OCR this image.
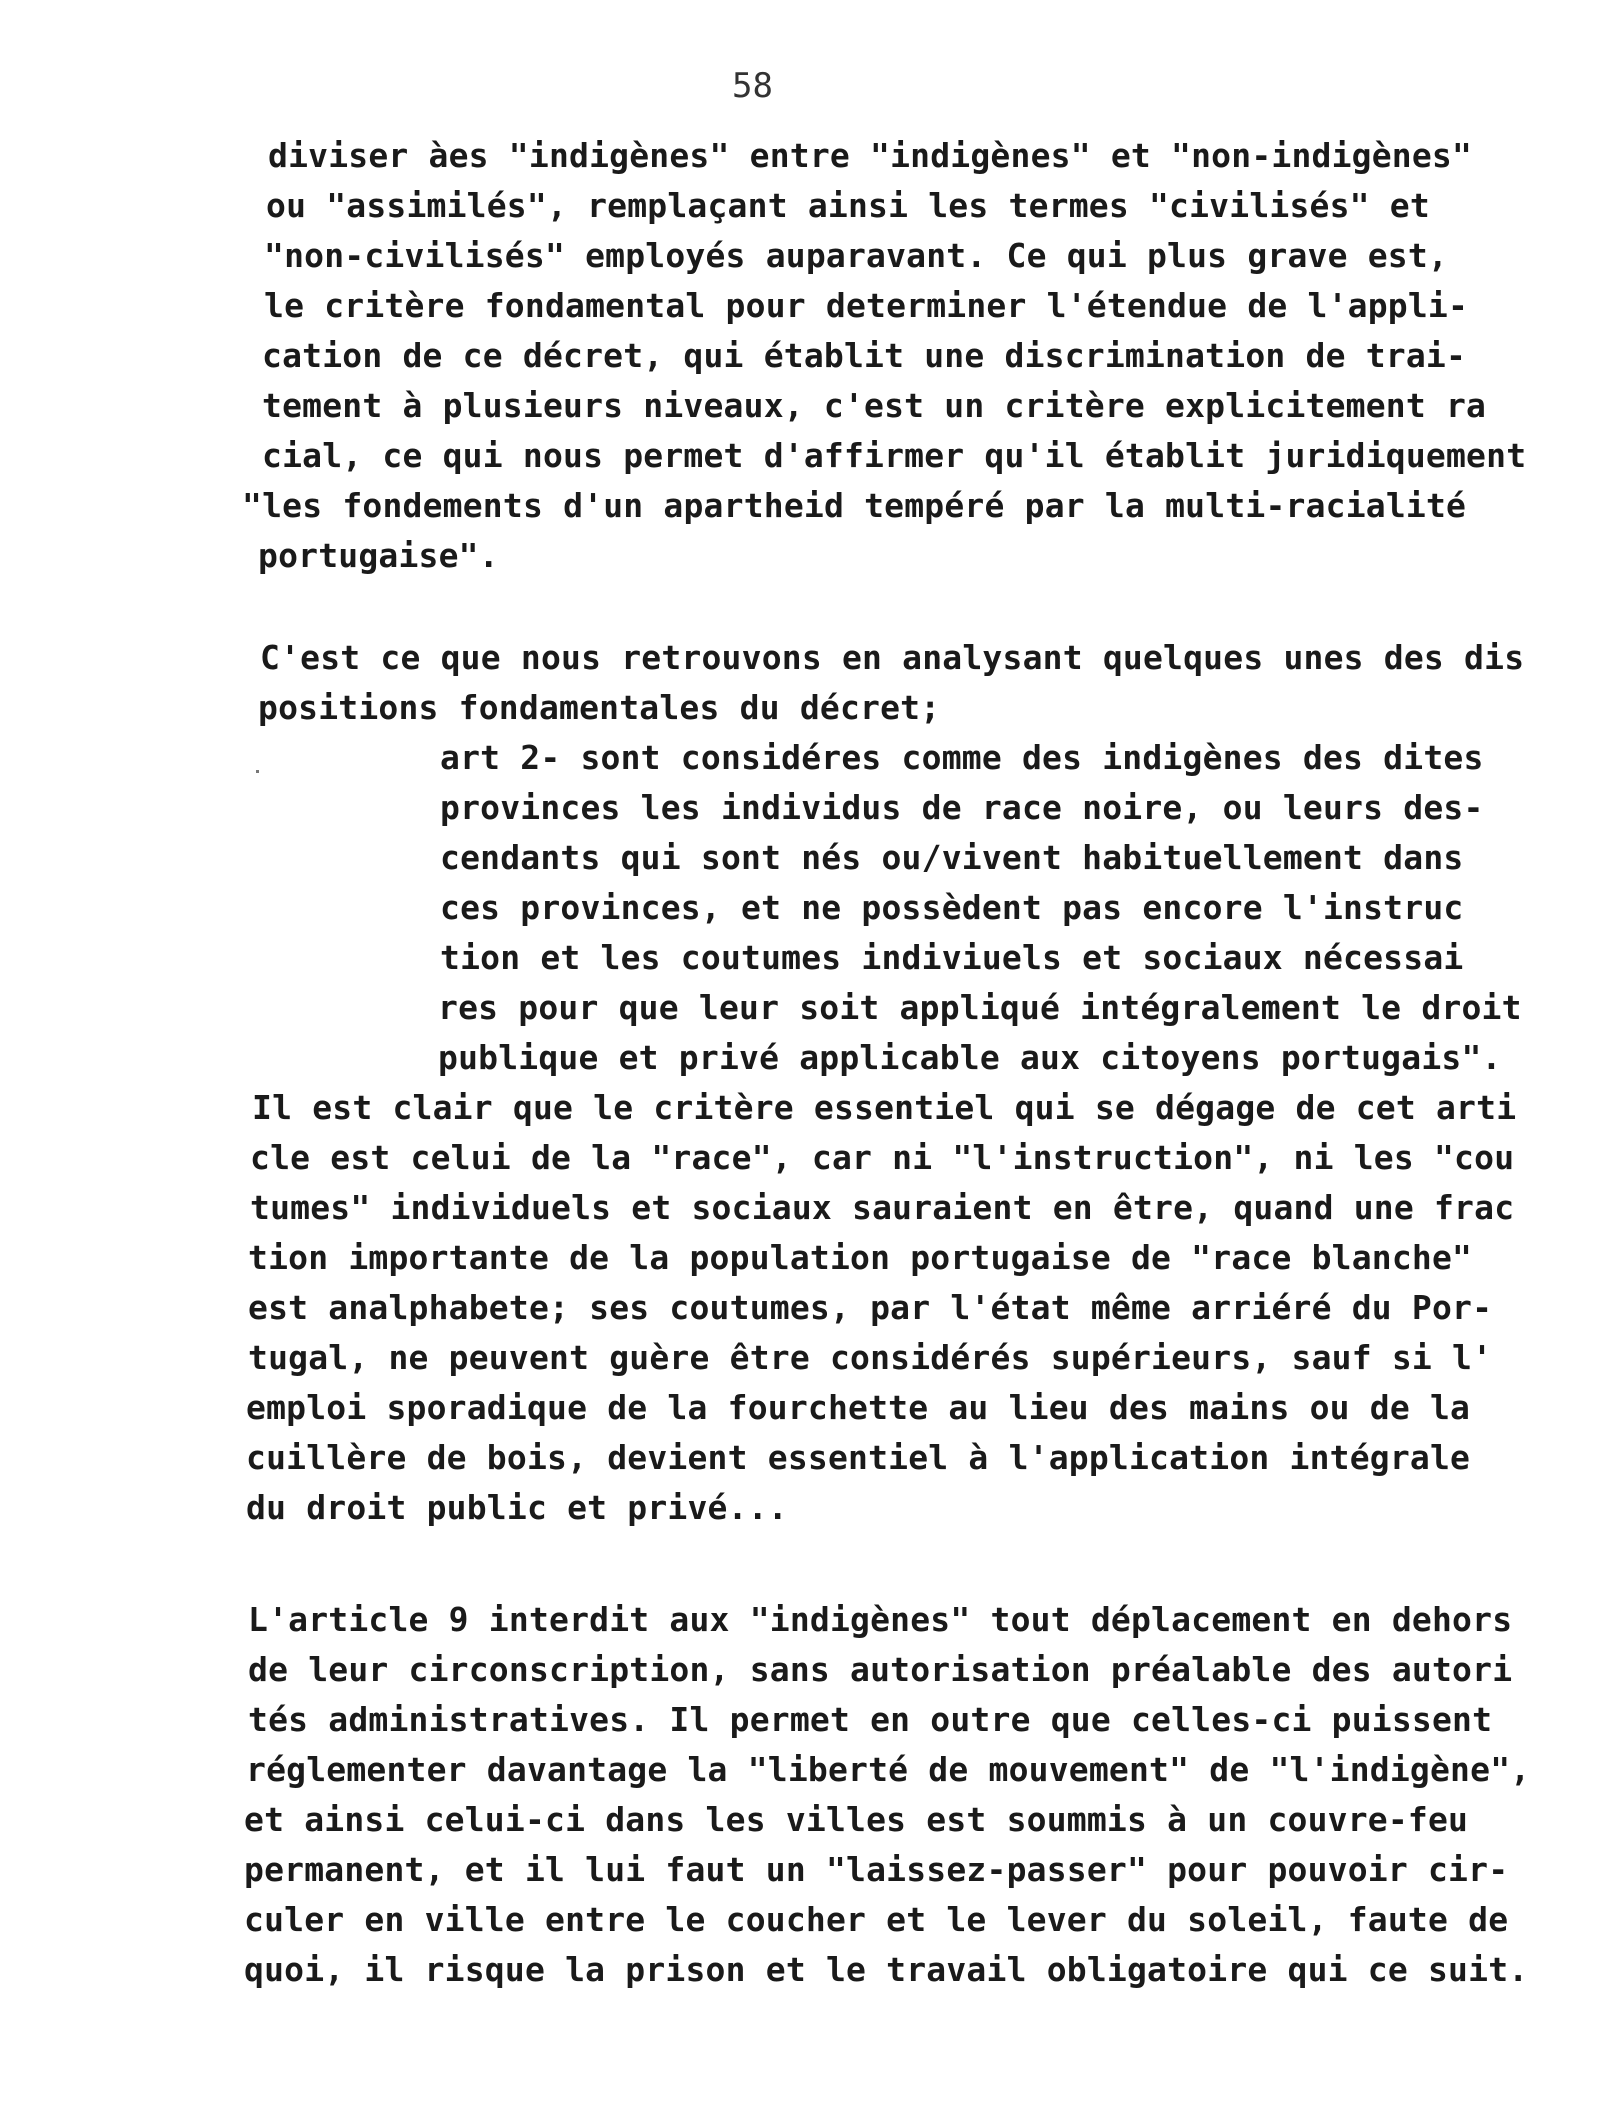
58
diviser àes "indigènes" entre "indigènes" et "non-indigènes"
ou "assimilés", remplaçant ainsi les termes "civilisés" et
"non-civilisés" employés auparavant. Ce qui plus grave est,
le critère fondamental pour determiner l'étendue de l'appli-
cation de ce décret, qui établit une discrimination de trai-
tement à plusieurs niveaux, c'est un critère explicitement ra
cial, ce qui nous permet d'affirmer qu'il établit juridiquement
"les fondements d'un apartheid tempéré par la multi-racialité
portugaise".
C'est ce que nous retrouvons en analysant quelques unes des dis
positions fondamentales du décret;
art 2- sont considéres comme des indigènes des dites
provinces les individus de race noire, ou leurs des-
cendants qui sont nés ou/vivent habituellement dans
ces provinces, et ne possèdent pas encore l'instruc
tion et les coutumes indiviuels et sociaux nécessai
res pour que leur soit appliqué intégralement le droit
publique et privé applicable aux citoyens portugais".
Il est clair que le critère essentiel qui se dégage de cet arti
cle est celui de la "race", car ni "l'instruction", ni les "cou
tumes" individuels et sociaux sauraient en être, quand une frac
tion importante de la population portugaise de "race blanche"
est analphabete; ses coutumes, par l'état même arriéré du Por-
tugal, ne peuvent guère être considérés supérieurs, sauf si l'
emploi sporadique de la fourchette au lieu des mains ou de la
cuillère de bois, devient essentiel à l'application intégrale
du droit public et privé...
L'article 9 interdit aux "indigènes" tout déplacement en dehors
de leur circonscription, sans autorisation préalable des autori
tés administratives. Il permet en outre que celles-ci puissent
réglementer davantage la "liberté de mouvement" de "l'indigène",
et ainsi celui-ci dans les villes est soummis à un couvre-feu
permanent, et il lui faut un "laissez-passer" pour pouvoir cir-
culer en ville entre le coucher et le lever du soleil, faute de
quoi, il risque la prison et le travail obligatoire qui ce suit.
